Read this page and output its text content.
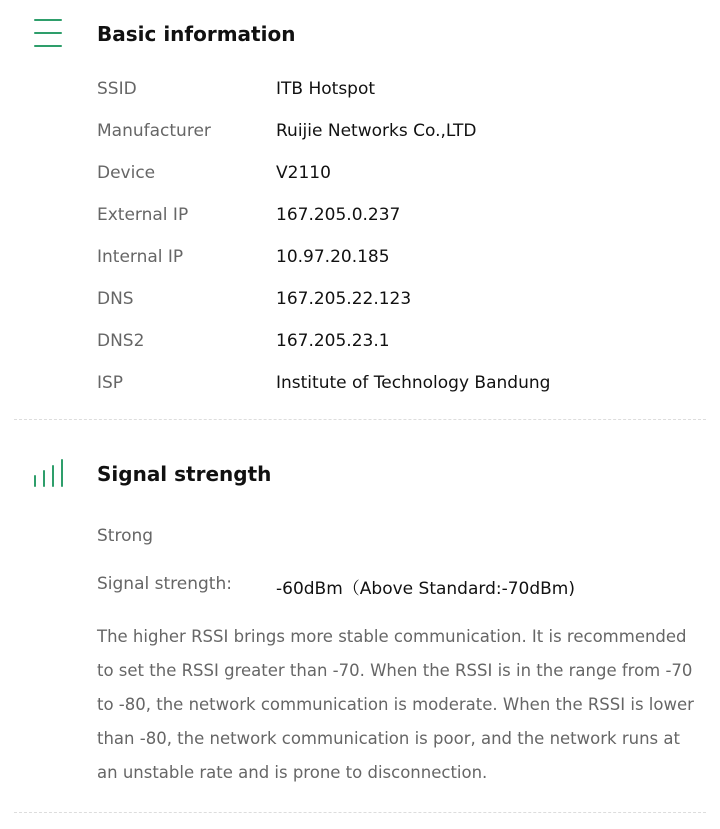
Basic information
SSID	ITB Hotspot
Manufacturer	Ruijie Networks Co.,LTD
Device	V2110
External IP	167.205.0.237
Internal IP	10.97.20.185
DNS	167.205.22.123
DNS2	167.205.23.1
ISP	Institute of Technology Bandung
Signal strength
Strong
Signal strength:	-60dBm（Above Standard:-70dBm)
The higher RSSI brings more stable communication. It is recommended to set the RSSI greater than -70. When the RSSI is in the range from -70 to -80, the network communication is moderate. When the RSSI is lower than -80, the network communication is poor, and the network runs at an unstable rate and is prone to disconnection.
